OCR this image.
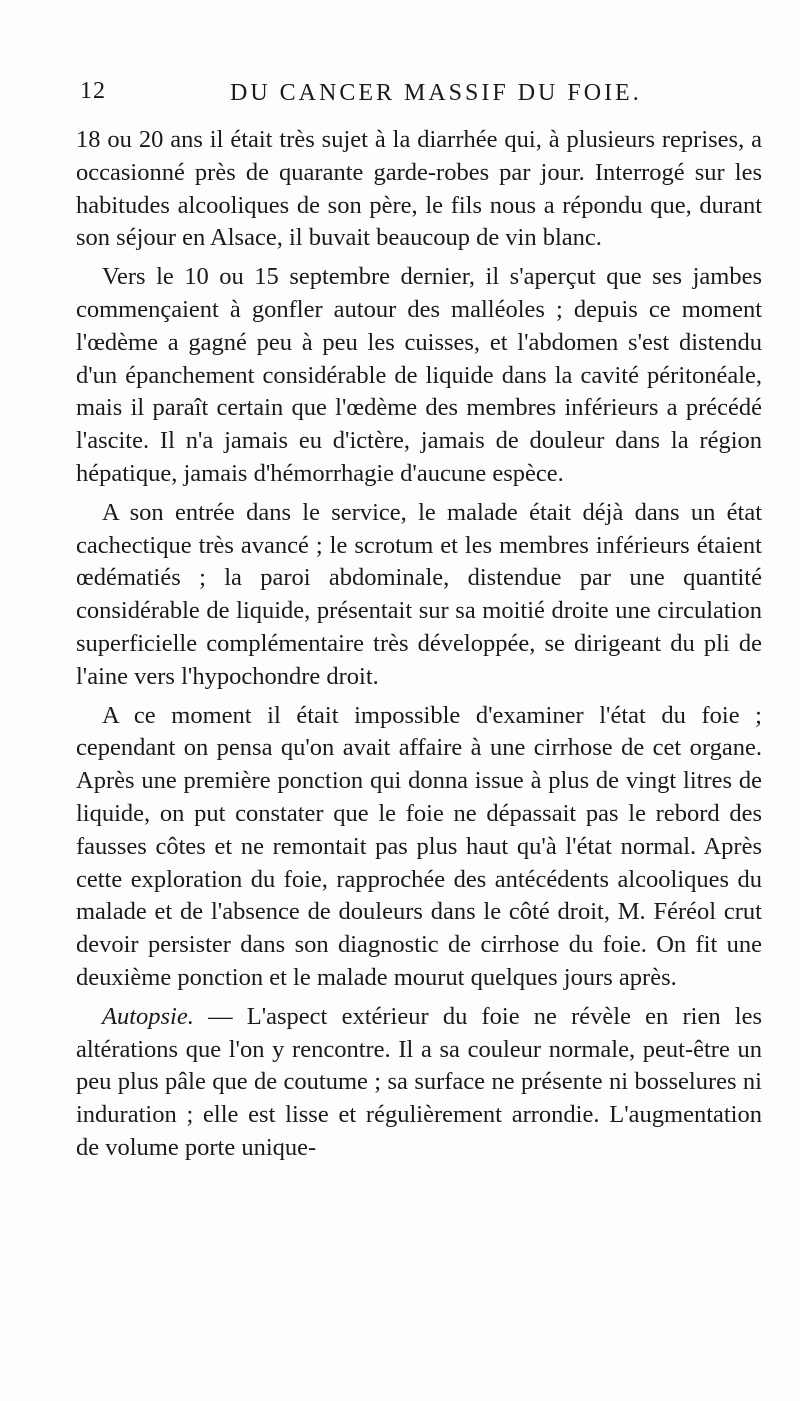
12	DU CANCER MASSIF DU FOIE.

18 ou 20 ans il était très sujet à la diarrhée qui, à plusieurs reprises, a occasionné près de quarante garde-robes par jour. Interrogé sur les habitudes alcooliques de son père, le fils nous a répondu que, durant son séjour en Alsace, il buvait beaucoup de vin blanc.

Vers le 10 ou 15 septembre dernier, il s'aperçut que ses jambes commençaient à gonfler autour des malléoles ; depuis ce moment l'œdème a gagné peu à peu les cuisses, et l'abdomen s'est distendu d'un épanchement considérable de liquide dans la cavité péritonéale, mais il paraît certain que l'œdème des membres inférieurs a précédé l'ascite. Il n'a jamais eu d'ictère, jamais de douleur dans la région hépatique, jamais d'hémorrhagie d'aucune espèce.

A son entrée dans le service, le malade était déjà dans un état cachectique très avancé ; le scrotum et les membres inférieurs étaient œdématiés ; la paroi abdominale, distendue par une quantité considérable de liquide, présentait sur sa moitié droite une circulation superficielle complémentaire très développée, se dirigeant du pli de l'aine vers l'hypochondre droit.

A ce moment il était impossible d'examiner l'état du foie ; cependant on pensa qu'on avait affaire à une cirrhose de cet organe. Après une première ponction qui donna issue à plus de vingt litres de liquide, on put constater que le foie ne dépassait pas le rebord des fausses côtes et ne remontait pas plus haut qu'à l'état normal. Après cette exploration du foie, rapprochée des antécédents alcooliques du malade et de l'absence de douleurs dans le côté droit, M. Féréol crut devoir persister dans son diagnostic de cirrhose du foie. On fit une deuxième ponction et le malade mourut quelques jours après.

Autopsie. — L'aspect extérieur du foie ne révèle en rien les altérations que l'on y rencontre. Il a sa couleur normale, peut-être un peu plus pâle que de coutume ; sa surface ne présente ni bosselures ni induration ; elle est lisse et régulièrement arrondie. L'augmentation de volume porte unique-
